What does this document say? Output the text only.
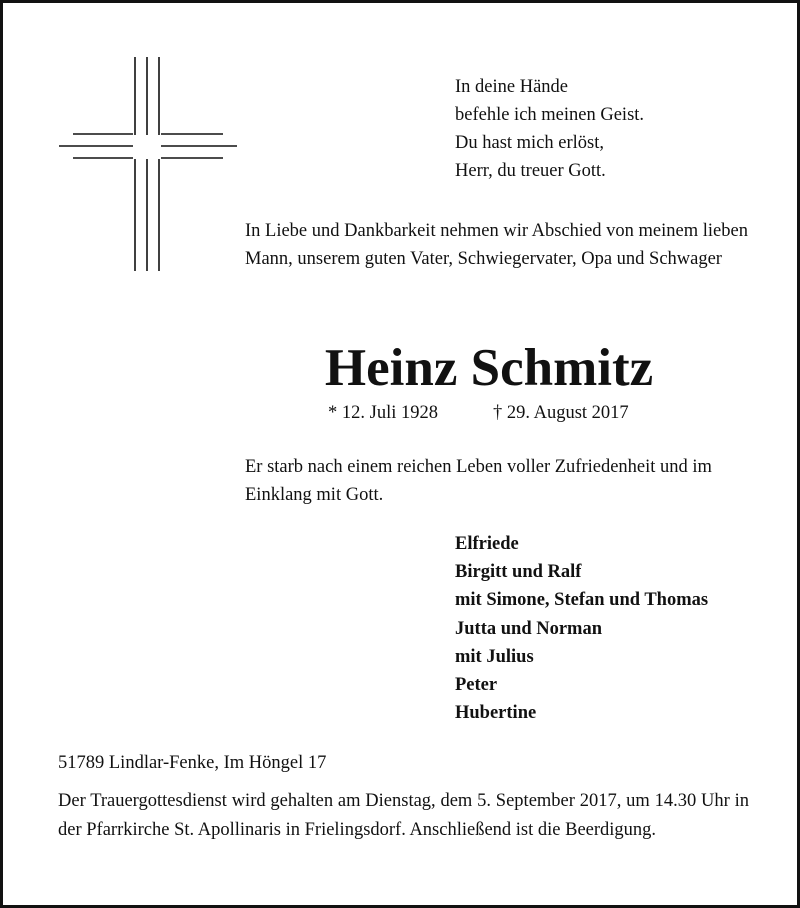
In deine Hände
befehle ich meinen Geist.
Du hast mich erlöst,
Herr, du treuer Gott.
In Liebe und Dankbarkeit nehmen wir Abschied von meinem lieben Mann, unserem guten Vater, Schwiegervater, Opa und Schwager
Heinz Schmitz
* 12. Juli 1928	† 29. August 2017
Er starb nach einem reichen Leben voller Zufriedenheit und im Einklang mit Gott.
Elfriede
Birgitt und Ralf
mit Simone, Stefan und Thomas
Jutta und Norman
mit Julius
Peter
Hubertine
51789 Lindlar-Fenke, Im Höngel 17
Der Trauergottesdienst wird gehalten am Dienstag, dem 5. September 2017, um 14.30 Uhr in der Pfarrkirche St. Apollinaris in Frielingsdorf. Anschließend ist die Beerdigung.
